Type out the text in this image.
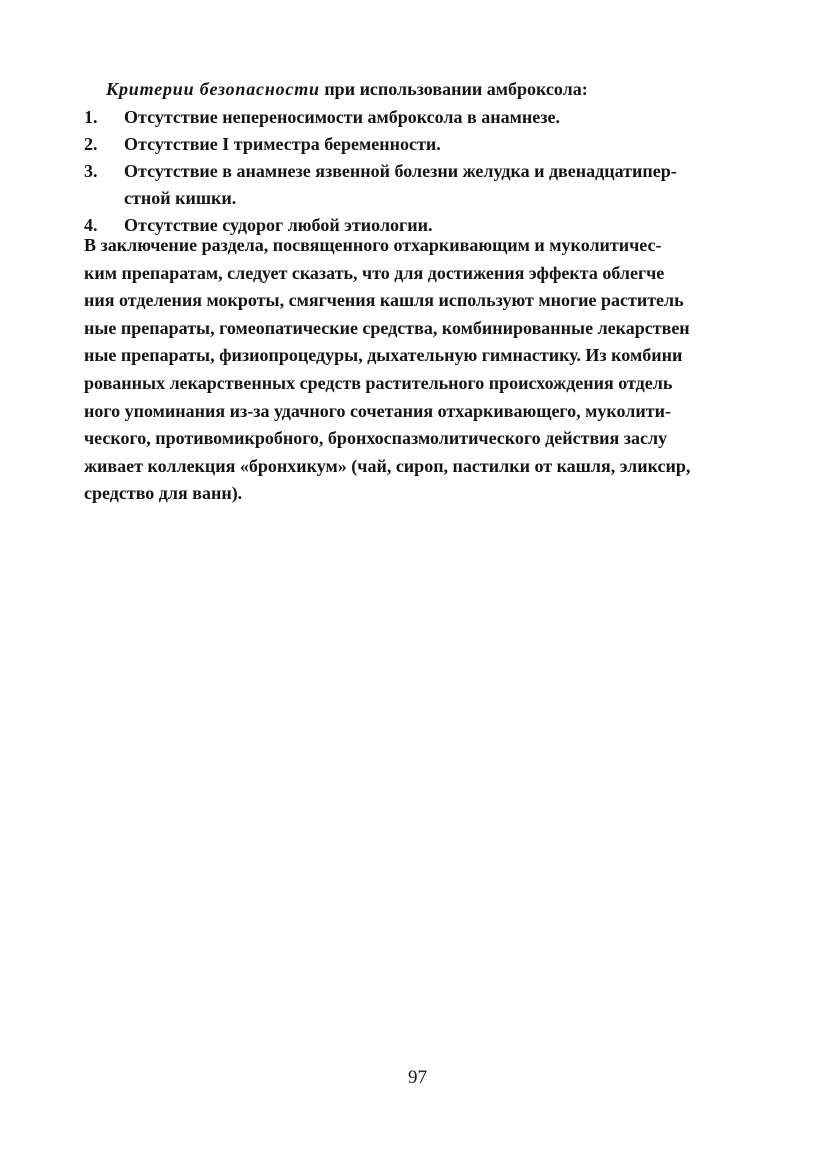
Критерии безопасности при использовании амброксола:
1. Отсутствие непереносимости амброксола в анамнезе.
2. Отсутствие I триместра беременности.
3. Отсутствие в анамнезе язвенной болезни желудка и двенадцатипер-
стной кишки.
4. Отсутствие судорог любой этиологии.

В заключение раздела, посвященного отхаркивающим и муколитичес-
ким препаратам, следует сказать, что для достижения эффекта облегче
ния отделения мокроты, смягчения кашля используют многие раститель
ные препараты, гомеопатические средства, комбинированные лекарствен
ные препараты, физиопроцедуры, дыхательную гимнастику. Из комбини
рованных лекарственных средств растительного происхождения отдель
ного упоминания из-за удачного сочетания отхаркивающего, муколити-
ческого, противомикробного, бронхоспазмолитического действия заслу
живает коллекция «бронхикум» (чай, сироп, пастилки от кашля, эликсир,
средство для ванн).

97
